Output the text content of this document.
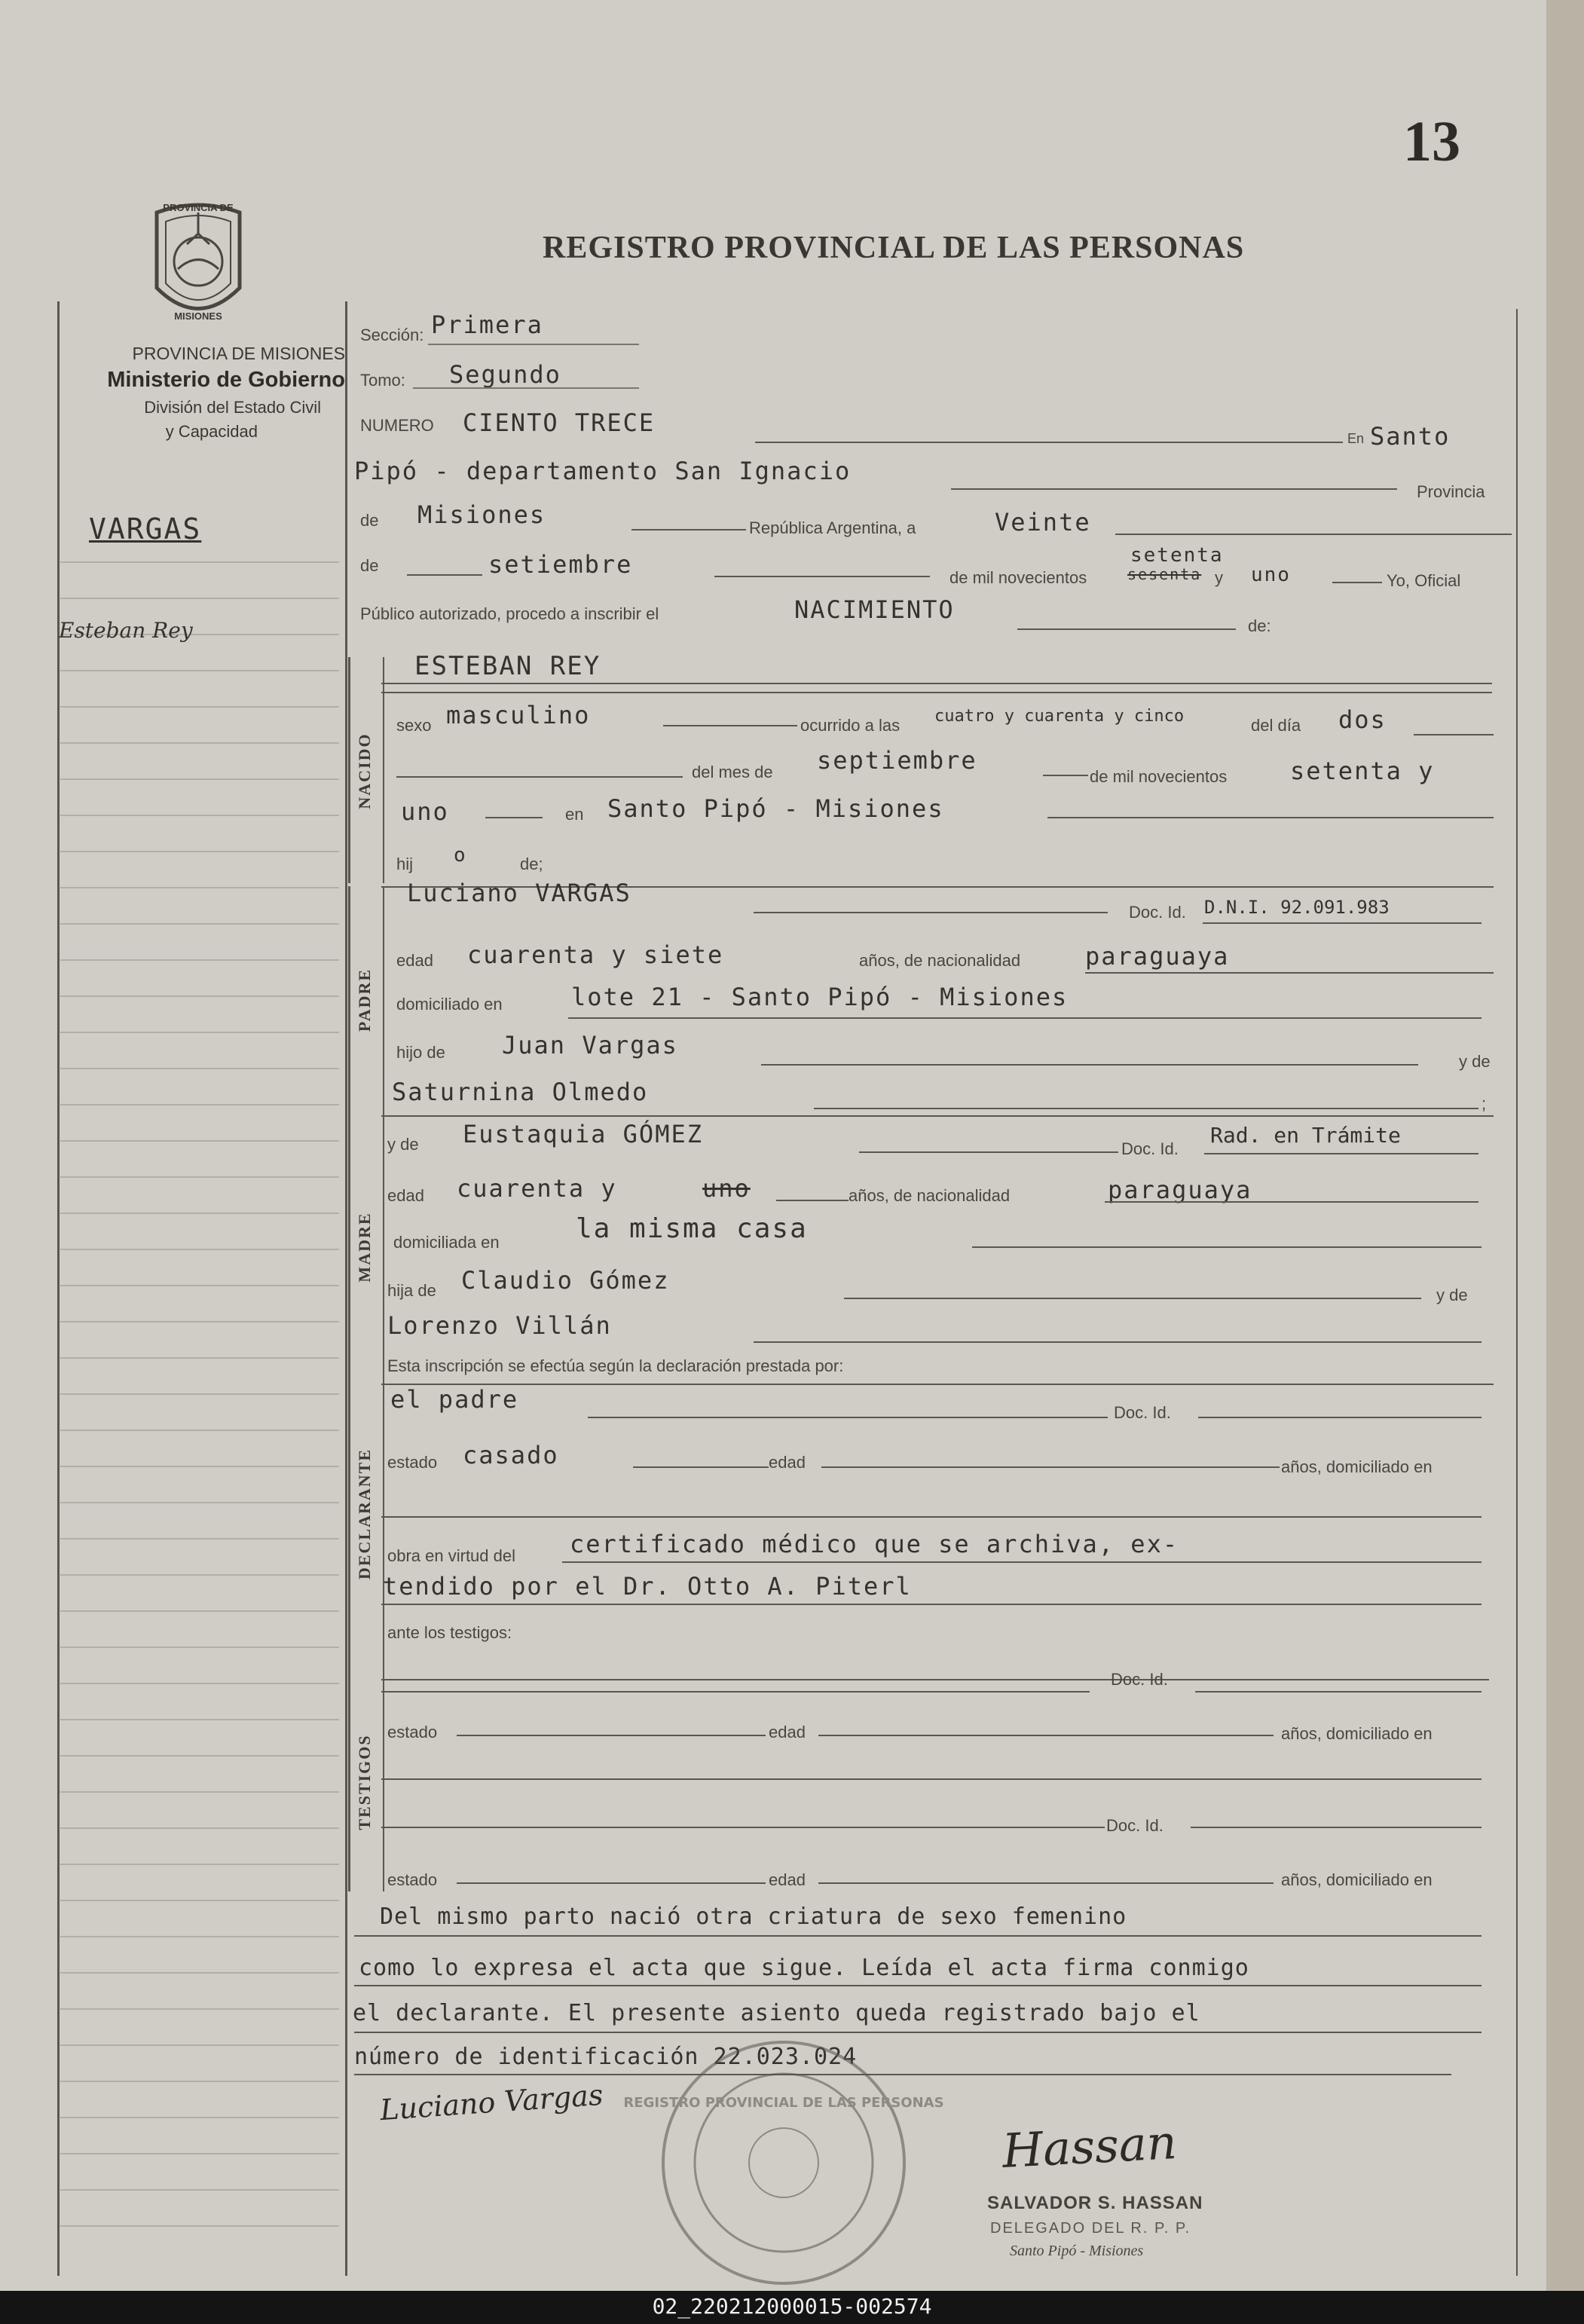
13
PROVINCIA DE
MISIONES
REGISTRO PROVINCIAL DE LAS PERSONAS
PROVINCIA DE MISIONES
Ministerio de Gobierno
División del Estado Civil
y Capacidad
VARGAS
Esteban Rey
Sección: Primera
Tomo: Segundo
NUMERO CIENTO TRECE
En Santo
Pipó - departamento San Ignacio
Provincia
de Misiones	República Argentina, a	Veinte
de	setiembre	de mil novecientos	sesenta
setenta
y uno	Yo, Oficial
Público autorizado, procedo a inscribir el	NACIMIENTO
de:
NACIDO
ESTEBAN REY
sexo masculino	ocurrido a las cuatro y cuarenta y cinco	del día dos
del mes de septiembre
de mil novecientos	setenta y
uno	en Santo Pipó - Misiones
hij o	de;
PADRE
Luciano VARGAS
Doc. Id. D.N.I. 92.091.983
edad cuarenta y siete	años, de nacionalidad	paraguaya
domiciliado en	lote 21 - Santo Pipó - Misiones
hijo de Juan Vargas
y de
Saturnina Olmedo	;
MADRE
y de Eustaquia GÓMEZ
Doc. Id.
Rad. en Trámite
edad cuarenta y	uno	años, de nacionalidad	paraguaya
domiciliada en	la misma casa
hija de Claudio Gómez
y de
Lorenzo Villán
Esta inscripción se efectúa según la declaración prestada por:
DECLARANTE
el padre	Doc. Id.
estado casado	edad	años, domiciliado en
obra en virtud del certificado médico que se archiva, ex-
tendido por el Dr. Otto A. Piterl
ante los testigos:
TESTIGOS
Doc. Id.
estado	edad	años, domiciliado en
Doc. Id.
estado	edad	años, domiciliado en
Del mismo parto nació otra criatura de sexo femenino
como lo expresa el acta que sigue. Leída el acta firma conmigo
el declarante. El presente asiento queda registrado bajo el
número de identificación 22.023.024
Luciano Vargas
Hassan
REGISTRO PROVINCIAL DE LAS PERSONAS
SALVADOR S. HASSAN
DELEGADO DEL R. P. P.
Santo Pipó - Misiones
02_220212000015-002574
